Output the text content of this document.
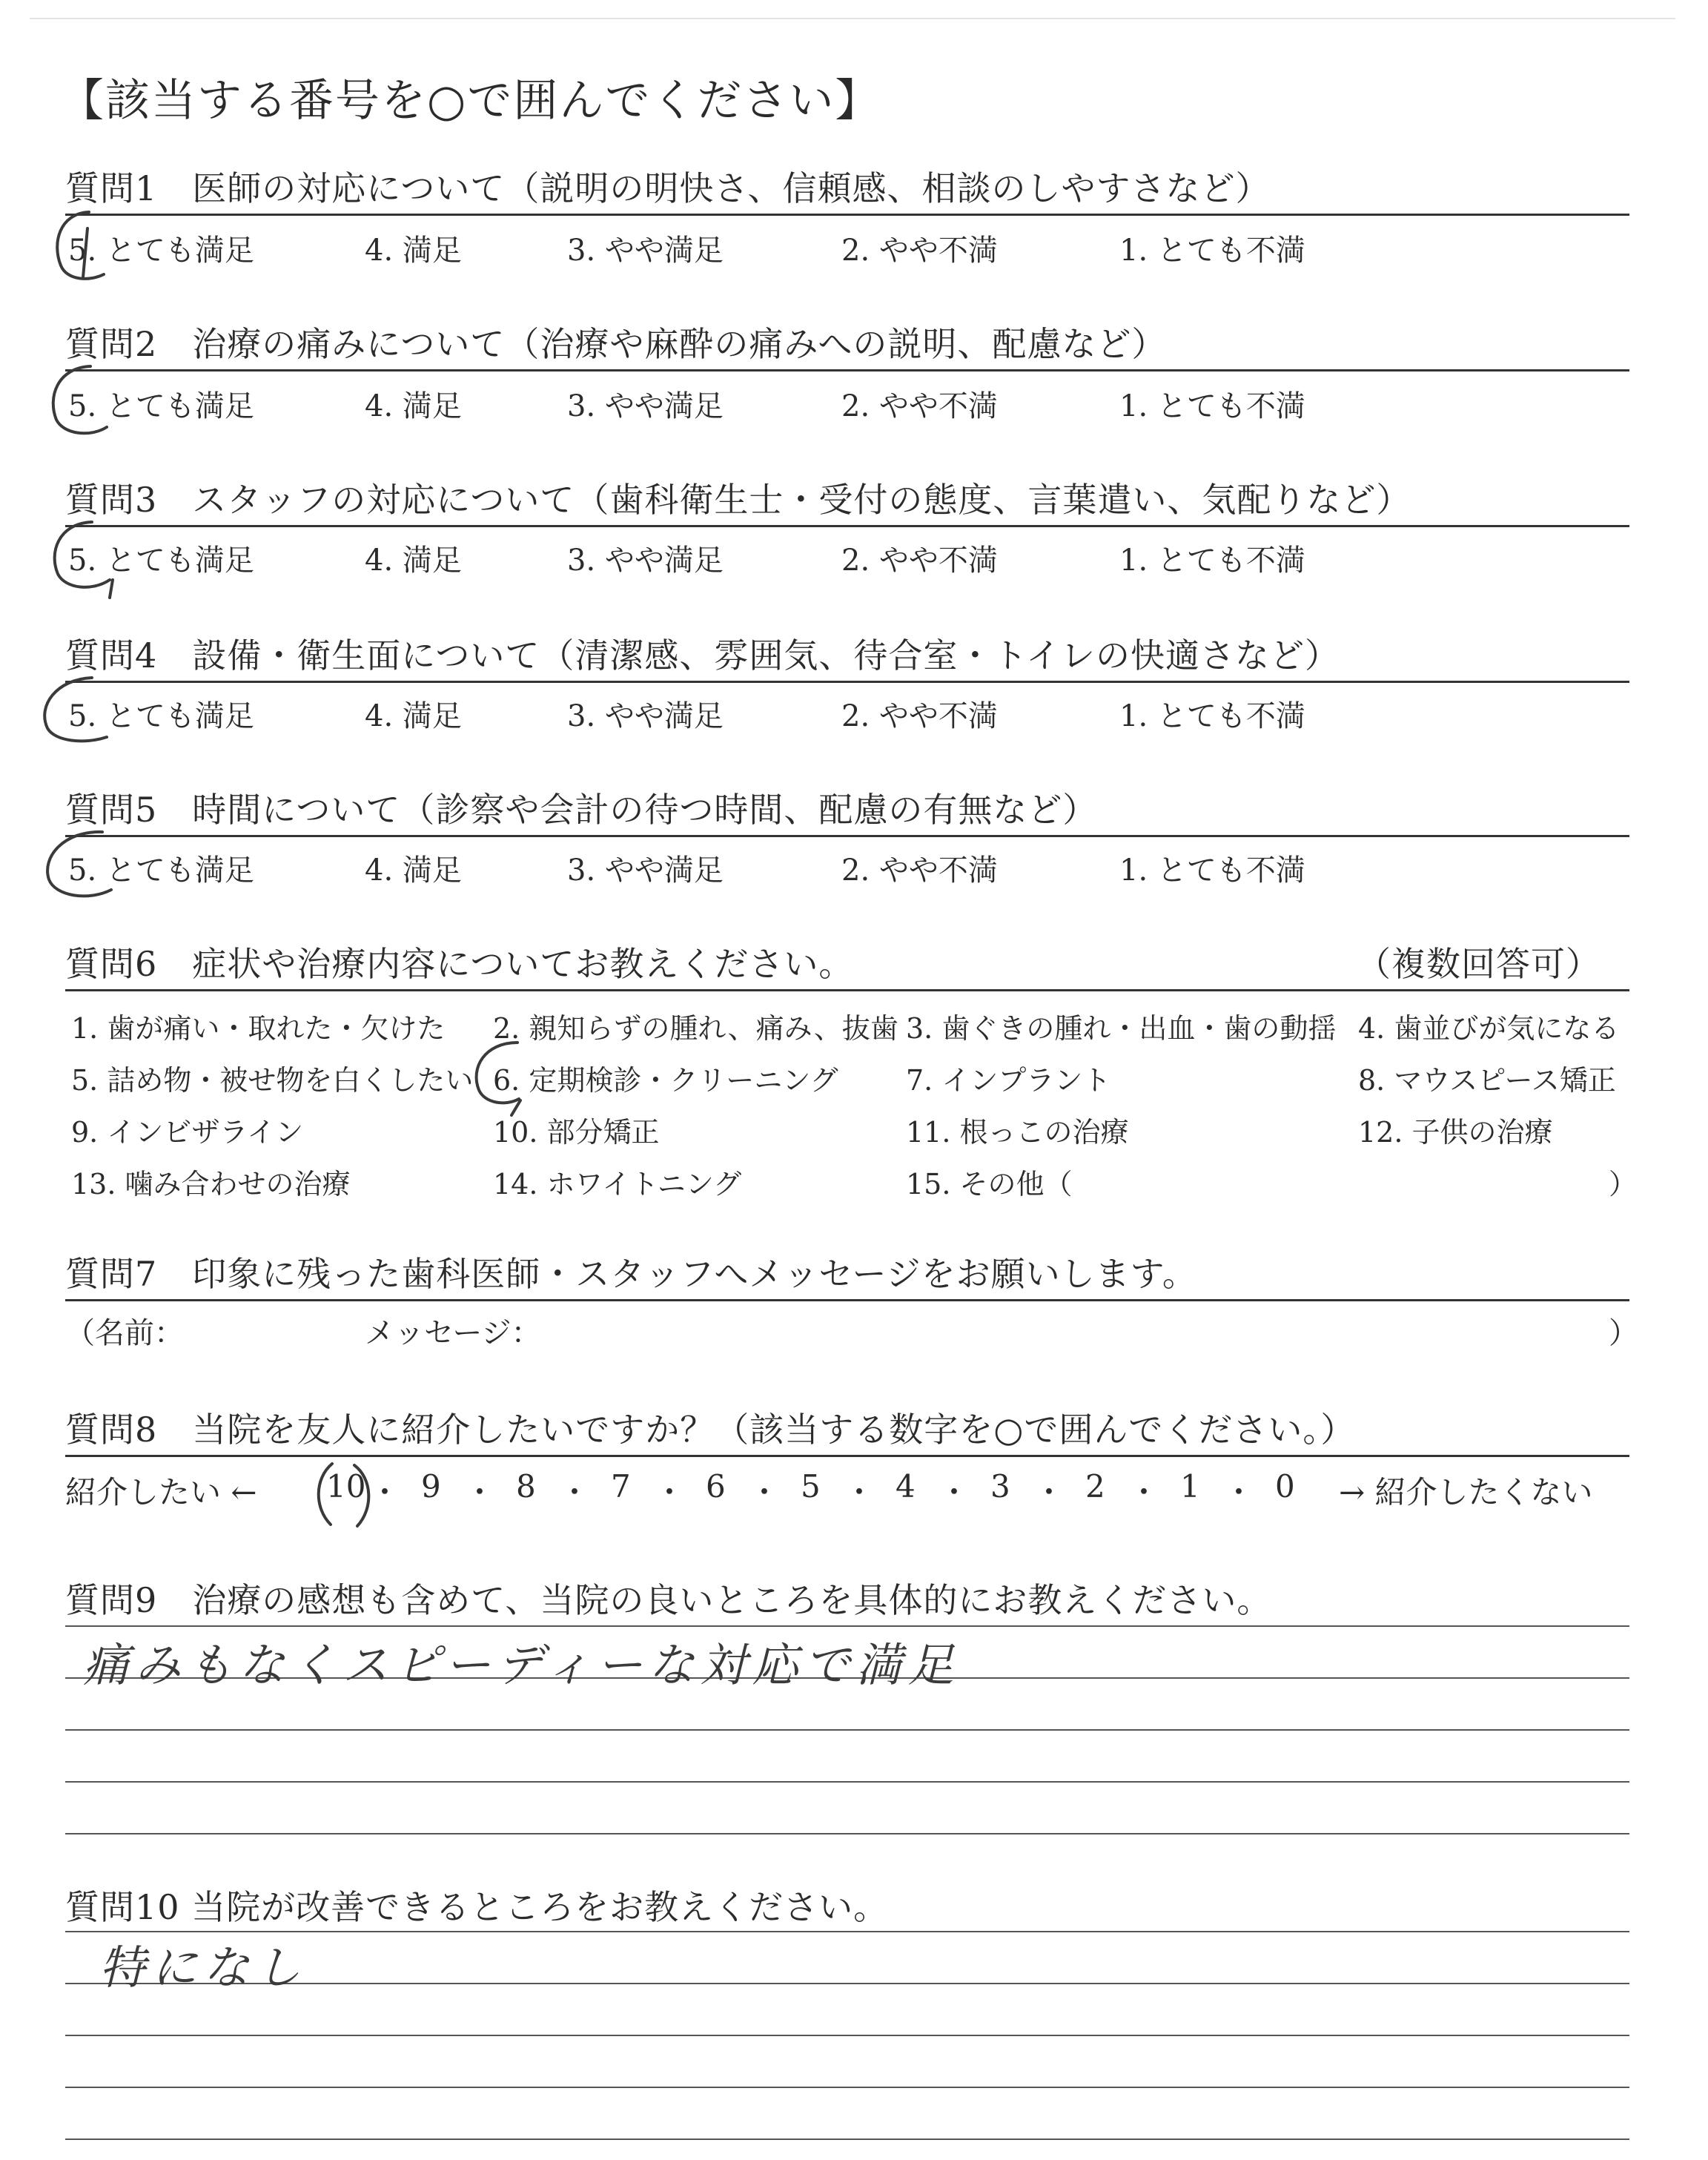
【該当する番号を○で囲んでください】
質問1　医師の対応について（説明の明快さ、信頼感、相談のしやすさなど）
5. とても満足	4. 満足	3. やや満足	2. やや不満	1. とても不満
質問2　治療の痛みについて（治療や麻酔の痛みへの説明、配慮など）
5. とても満足	4. 満足	3. やや満足	2. やや不満	1. とても不満
質問3　スタッフの対応について（歯科衛生士・受付の態度、言葉遣い、気配りなど）
5. とても満足	4. 満足	3. やや満足	2. やや不満	1. とても不満
質問4　設備・衛生面について（清潔感、雰囲気、待合室・トイレの快適さなど）
5. とても満足	4. 満足	3. やや満足	2. やや不満	1. とても不満
質問5　時間について（診察や会計の待つ時間、配慮の有無など）
5. とても満足	4. 満足	3. やや満足	2. やや不満	1. とても不満
質問6　症状や治療内容についてお教えください。	（複数回答可）
1. 歯が痛い・取れた・欠けた 2. 親知らずの腫れ、痛み、抜歯 3. 歯ぐきの腫れ・出血・歯の動揺 4. 歯並びが気になる
5. 詰め物・被せ物を白くしたい 6. 定期検診・クリーニング 7. インプラント	8. マウスピース矯正
9. インビザライン	10. 部分矯正	11. 根っこの治療	12. 子供の治療
13. 噛み合わせの治療	14. ホワイトニング	15. その他（	）
質問7　印象に残った歯科医師・スタッフへメッセージをお願いします。
（名前：	メッセージ：	）
質問8　当院を友人に紹介したいですか？（該当する数字を○で囲んでください。）
紹介したい ← 10 ・ 9 ・ 8 ・ 7 ・ 6 ・ 5 ・ 4 ・ 3 ・ 2 ・ 1 ・ 0 → 紹介したくない
質問9　治療の感想も含めて、当院の良いところを具体的にお教えください。
痛みもなくスピーディーな対応で満足
質問10 当院が改善できるところをお教えください。
特になし
